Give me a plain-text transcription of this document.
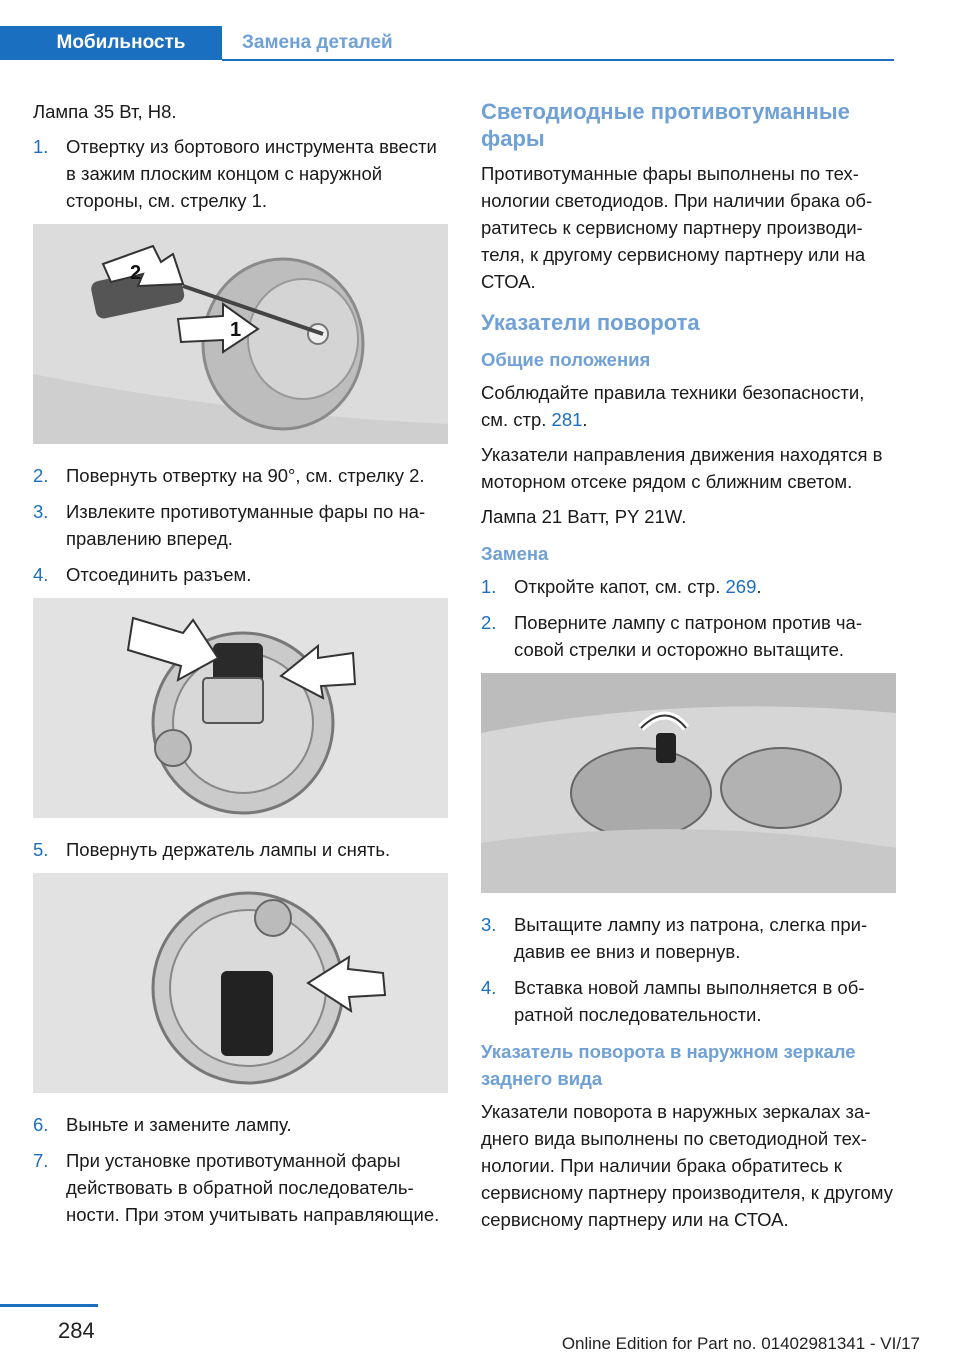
Мобильность	Замена деталей

Лампа 35 Вт, H8.

1. Отвертку из бортового инструмента ввести в зажим плоским концом с наружной стороны, см. стрелку 1.
2
1
2. Повернуть отвертку на 90°, см. стрелку 2.
3. Извлеките противотуманные фары по направлению вперед.
4. Отсоединить разъем.
5. Повернуть держатель лампы и снять.
6. Выньте и замените лампу.
7. При установке противотуманной фары действовать в обратной последовательности. При этом учитывать направляющие.
Светодиодные противотуманные фары

Противотуманные фары выполнены по технологии светодиодов. При наличии брака обратитесь к сервисному партнеру производителя, к другому сервисному партнеру или на СТОА.

Указатели поворота
Общие положения

Соблюдайте правила техники безопасности, см. стр. 281.

Указатели направления движения находятся в моторном отсеке рядом с ближним светом.

Лампа 21 Ватт, PY 21W.

Замена
1. Откройте капот, см. стр. 269.
2. Поверните лампу с патроном против часовой стрелки и осторожно вытащите.
3. Вытащите лампу из патрона, слегка придавив ее вниз и повернув.
4. Вставка новой лампы выполняется в обратной последовательности.
Указатель поворота в наружном зеркале заднего вида

Указатели поворота в наружных зеркалах заднего вида выполнены по светодиодной технологии. При наличии брака обратитесь к сервисному партнеру производителя, к другому сервисному партнеру или на СТОА.

284
Online Edition for Part no. 01402981341 - VI/17
